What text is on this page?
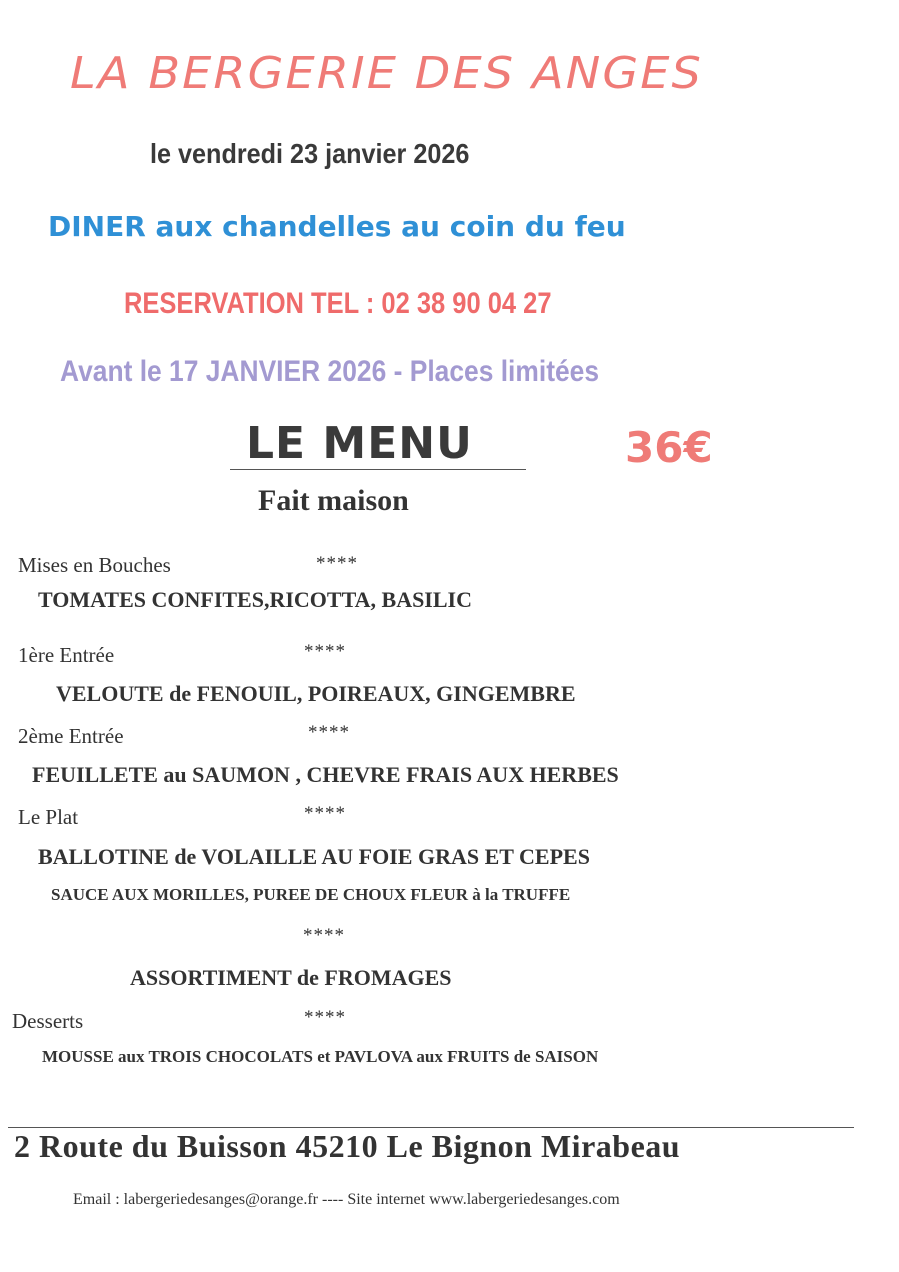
LA BERGERIE DES ANGES
le vendredi 23 janvier 2026
DINER aux chandelles au coin du feu
RESERVATION TEL : 02 38 90 04 27
Avant le 17 JANVIER 2026 - Places limitées
LE MENU	36€
Fait maison
Mises en Bouches	****
TOMATES CONFITES,RICOTTA, BASILIC
1ère Entrée	****
VELOUTE de FENOUIL, POIREAUX, GINGEMBRE
2ème Entrée	****
FEUILLETE au SAUMON , CHEVRE FRAIS AUX HERBES
Le Plat	****
BALLOTINE de VOLAILLE AU FOIE GRAS ET CEPES
SAUCE AUX MORILLES, PUREE DE CHOUX FLEUR à la TRUFFE
****
ASSORTIMENT de FROMAGES
Desserts	****
MOUSSE aux TROIS CHOCOLATS et PAVLOVA aux FRUITS de SAISON
2 Route du Buisson 45210 Le Bignon Mirabeau
Email : labergeriedesanges@orange.fr ---- Site internet www.labergeriedesanges.com
